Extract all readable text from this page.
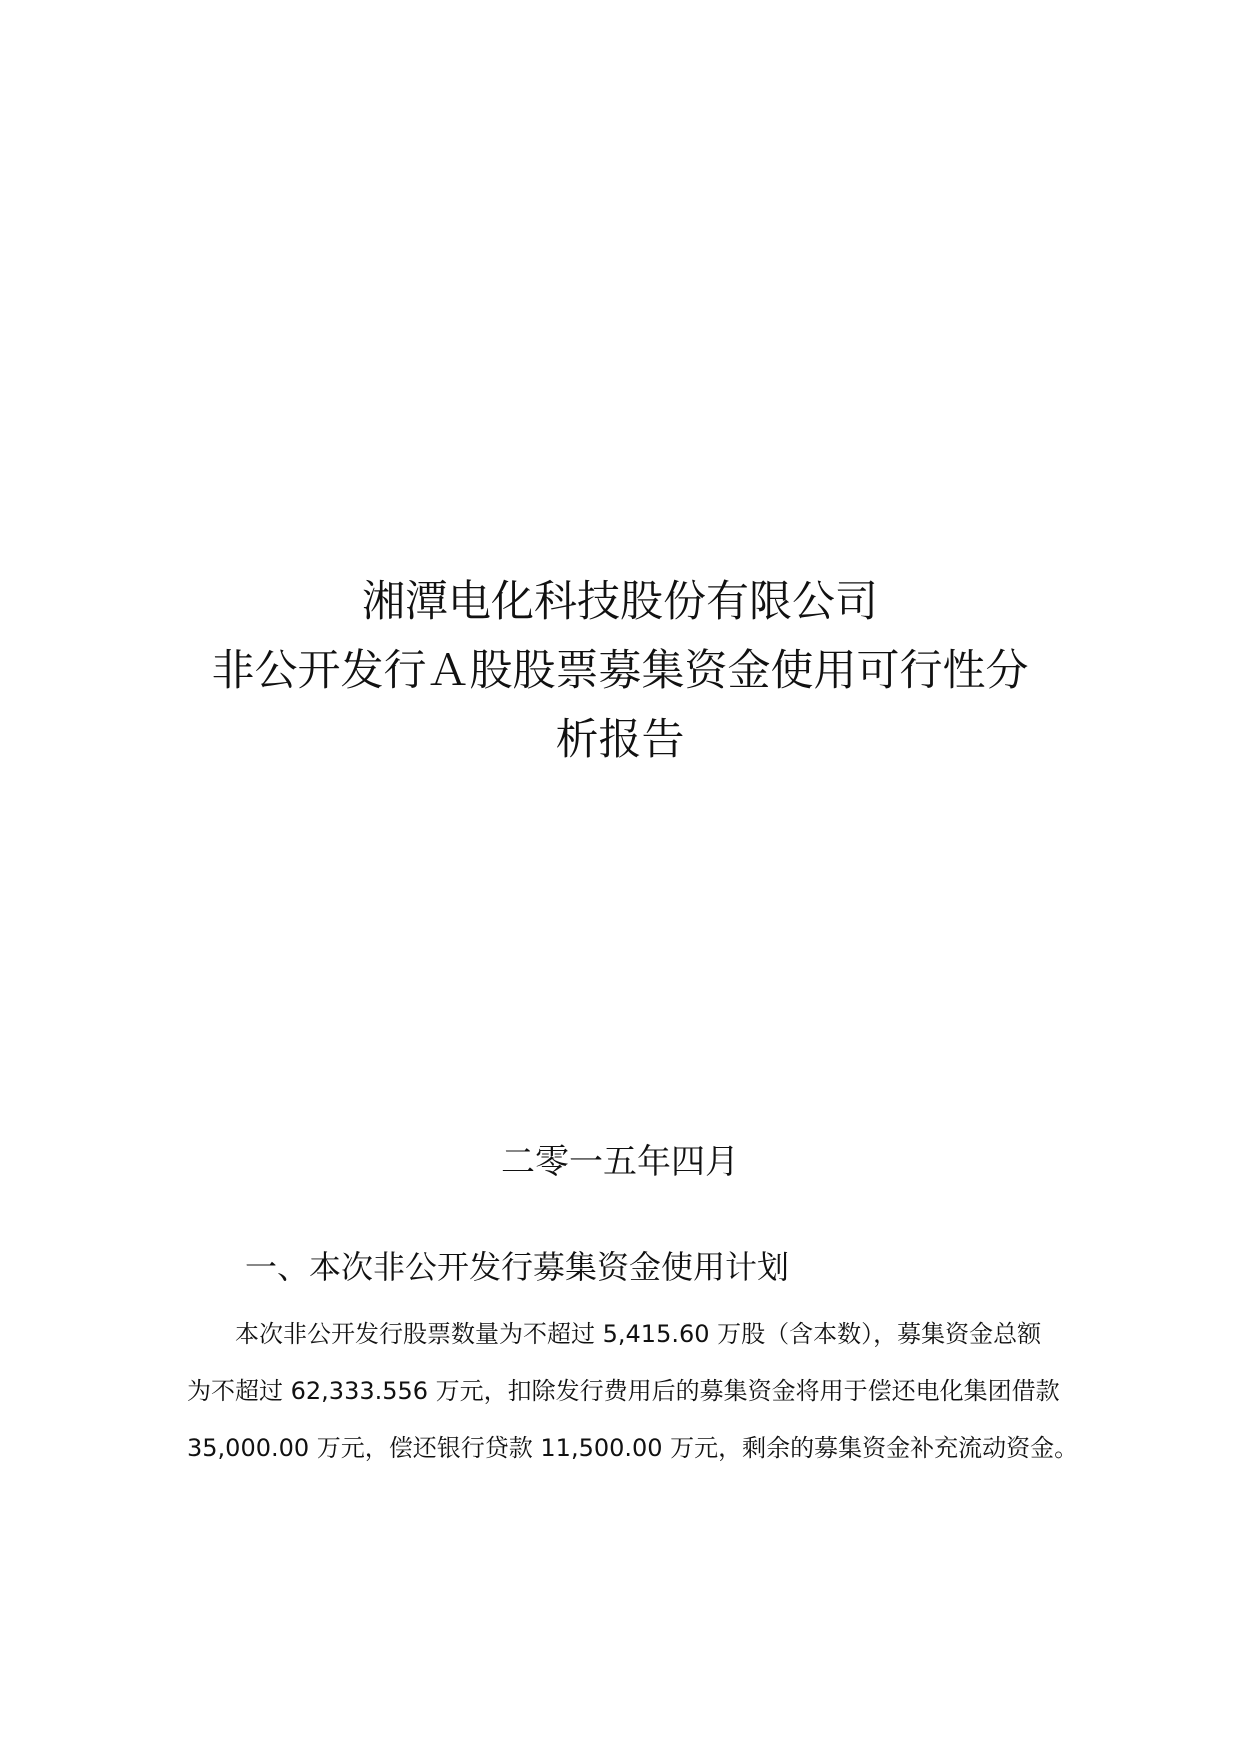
湘潭电化科技股份有限公司
非公开发行Ａ股股票募集资金使用可行性分
析报告
二零一五年四月
一、本次非公开发行募集资金使用计划
本次非公开发行股票数量为不超过 5,415.60 万股（含本数），募集资金总额
为不超过 62,333.556 万元，扣除发行费用后的募集资金将用于偿还电化集团借款
35,000.00 万元，偿还银行贷款 11,500.00 万元，剩余的募集资金补充流动资金。
